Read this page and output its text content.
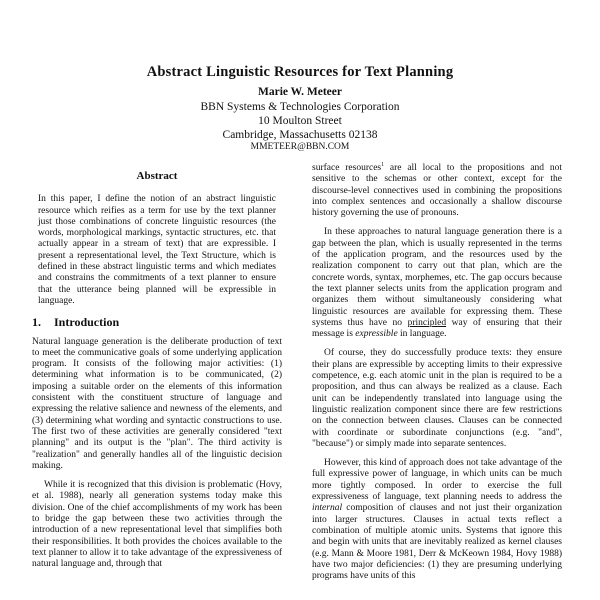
Abstract Linguistic Resources for Text Planning
Marie W. Meteer
BBN Systems & Technologies Corporation
10 Moulton Street
Cambridge, Massachusetts 02138
MMETEER@BBN.COM
Abstract

In this paper, I define the notion of an abstract linguistic resource which reifies as a term for use by the text planner just those combinations of concrete linguistic resources (the words, morphological markings, syntactic structures, etc. that actually appear in a stream of text) that are expressible. I present a representational level, the Text Structure, which is defined in these abstract linguistic terms and which mediates and constrains the commitments of a text planner to ensure that the utterance being planned will be expressible in language.

1. Introduction

Natural language generation is the deliberate production of text to meet the communicative goals of some underlying application program. It consists of the following major activities: (1) determining what information is to be communicated, (2) imposing a suitable order on the elements of this information consistent with the constituent structure of language and expressing the relative salience and newness of the elements, and (3) determining what wording and syntactic constructions to use. The first two of these activities are generally considered "text planning" and its output is the "plan". The third activity is "realization" and generally handles all of the linguistic decision making.

While it is recognized that this division is problematic (Hovy, et al. 1988), nearly all generation systems today make this division. One of the chief accomplishments of my work has been to bridge the gap between these two activities through the introduction of a new representational level that simplifies both their responsibilities. It both provides the choices available to the text planner to allow it to take advantage of the expressiveness of natural language and, through that

surface resources$^1$ are all local to the propositions and not sensitive to the schemas or other context, except for the discourse-level connectives used in combining the propositions into complex sentences and occasionally a shallow discourse history governing the use of pronouns.

In these approaches to natural language generation there is a gap between the plan, which is usually represented in the terms of the application program, and the resources used by the realization component to carry out that plan, which are the concrete words, syntax, morphemes, etc. The gap occurs because the text planner selects units from the application program and organizes them without simultaneously considering what linguistic resources are available for expressing them. These systems thus have no principled way of ensuring that their message is expressible in language.

Of course, they do successfully produce texts: they ensure their plans are expressible by accepting limits to their expressive competence, e.g. each atomic unit in the plan is required to be a proposition, and thus can always be realized as a clause. Each unit can be independently translated into language using the linguistic realization component since there are few restrictions on the connection between clauses. Clauses can be connected with coordinate or subordinate conjunctions (e.g. "and", "because") or simply made into separate sentences.

However, this kind of approach does not take advantage of the full expressive power of language, in which units can be much more tightly composed. In order to exercise the full expressiveness of language, text planning needs to address the internal composition of clauses and not just their organization into larger structures. Clauses in actual texts reflect a combination of multiple atomic units. Systems that ignore this and begin with units that are inevitably realized as kernel clauses (e.g. Mann & Moore 1981, Derr & McKeown 1984, Hovy 1988) have two major deficiencies: (1) they are presuming underlying programs have units of this
